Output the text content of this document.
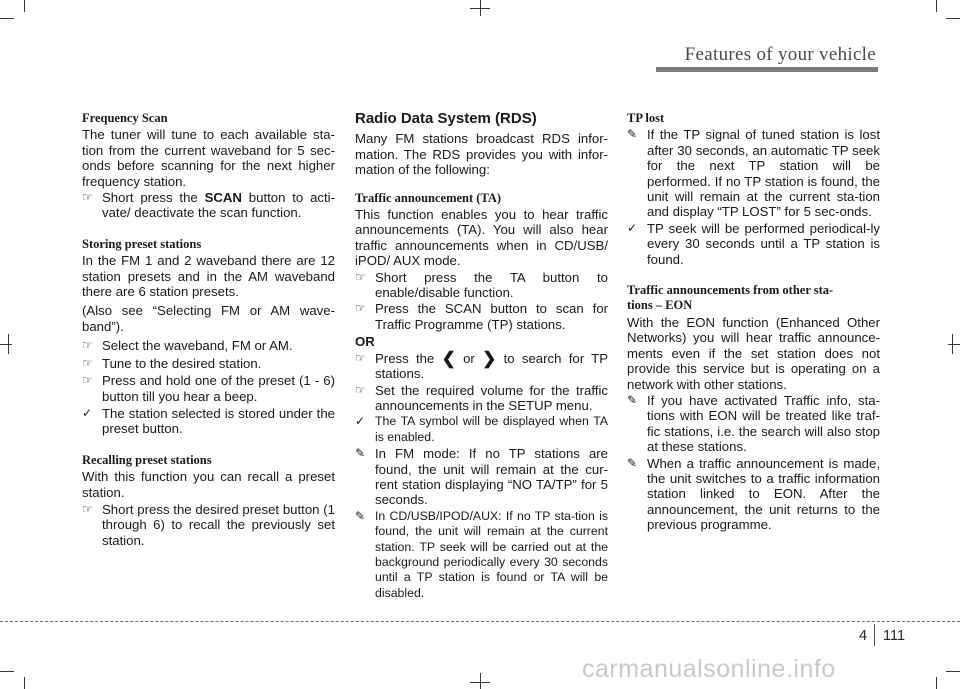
Features of your vehicle
Frequency Scan

The tuner will tune to each available sta-tion from the current waveband for 5 sec-onds before scanning for the next higher frequency station.

☞ Short press the SCAN button to acti-vate/ deactivate the scan function.
Storing preset stations

In the FM 1 and 2 waveband there are 12 station presets and in the AM waveband there are 6 station presets.

(Also see “Selecting FM or AM wave-band”).

☞ Select the waveband, FM or AM.
☞ Tune to the desired station.
☞ Press and hold one of the preset (1 - 6) button till you hear a beep.
✓ The station selected is stored under the preset button.
Recalling preset stations

With this function you can recall a preset station.

☞ Short press the desired preset button (1 through 6) to recall the previously set station.
Radio Data System (RDS)

Many FM stations broadcast RDS infor-mation. The RDS provides you with infor-mation of the following:

Traffic announcement (TA)

This function enables you to hear traffic announcements (TA). You will also hear traffic announcements when in CD/USB/ iPOD/ AUX mode.

☞ Short press the TA button to enable/disable function.
☞ Press the SCAN button to scan for Traffic Programme (TP) stations.
OR
☞ Press the ❮ or ❯ to search for TP stations.
☞ Set the required volume for the traffic announcements in the SETUP menu.
✓ The TA symbol will be displayed when TA is enabled.
✎ In FM mode: If no TP stations are found, the unit will remain at the cur-rent station displaying “NO TA/TP” for 5 seconds.
✎ In CD/USB/IPOD/AUX: If no TP sta-tion is found, the unit will remain at the current station. TP seek will be carried out at the background periodically every 30 seconds until a TP station is found or TA will be disabled.
TP lost
✎ If the TP signal of tuned station is lost after 30 seconds, an automatic TP seek for the next TP station will be performed. If no TP station is found, the unit will remain at the current sta-tion and display “TP LOST” for 5 sec-onds.
✓ TP seek will be performed periodical-ly every 30 seconds until a TP station is found.
Traffic announcements from other sta-
tions – EON

With the EON function (Enhanced Other Networks) you will hear traffic announce-ments even if the set station does not provide this service but is operating on a network with other stations.

✎ If you have activated Traffic info, sta-tions with EON will be treated like traf-fic stations, i.e. the search will also stop at these stations.
✎ When a traffic announcement is made, the unit switches to a traffic information station linked to EON. After the announcement, the unit returns to the previous programme.
4 111
carmanualsonline.info
